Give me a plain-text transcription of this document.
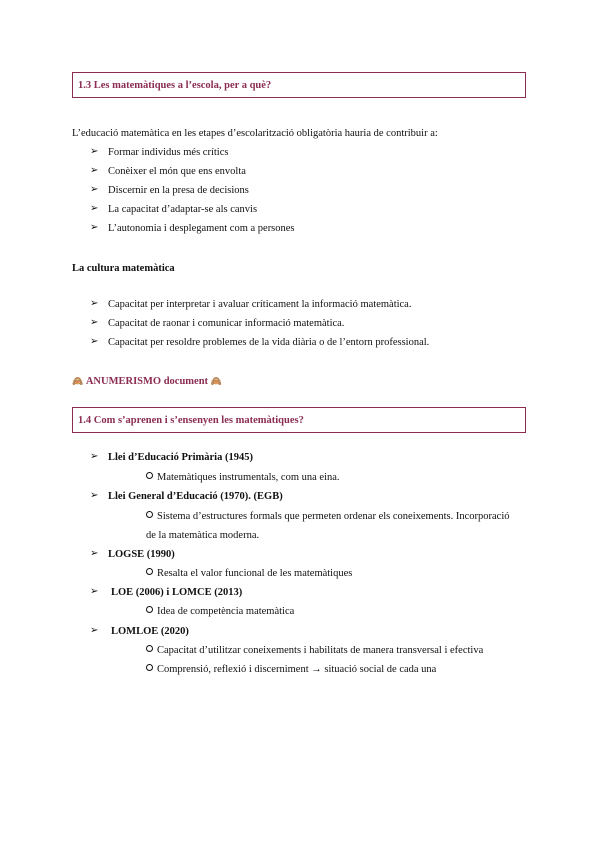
1.3 Les matemàtiques a l’escola, per a què?
L’educació matemàtica en les etapes d’escolarització obligatòria hauria de contribuir a:
➢ Formar individus més crítics
➢ Conèixer el món que ens envolta
➢ Discernir en la presa de decisions
➢ La capacitat d’adaptar-se als canvis
➢ L’autonomia i desplegament com a persones
La cultura matemàtica
➢ Capacitat per interpretar i avaluar críticament la informació matemàtica.
➢ Capacitat de raonar i comunicar informació matemàtica.
➢ Capacitat per resoldre problemes de la vida diària o de l’entorn professional.
🙈 ANUMERISMO document 🙈
1.4 Com s’aprenen i s’ensenyen les matemàtiques?
➢ Llei d’Educació Primària (1945)
Matemàtiques instrumentals, com una eina.
➢ Llei General d’Educació (1970). (EGB)
Sistema d’estructures formals que permeten ordenar els coneixements. Incorporació
de la matemàtica moderna.
➢ LOGSE (1990)
Resalta el valor funcional de les matemàtiques
➢ LOE (2006) i LOMCE (2013)
Idea de competència matemàtica
➢ LOMLOE (2020)
Capacitat d’utilitzar coneixements i habilitats de manera transversal i efectiva
Comprensió, reflexió i discerniment → situació social de cada una
